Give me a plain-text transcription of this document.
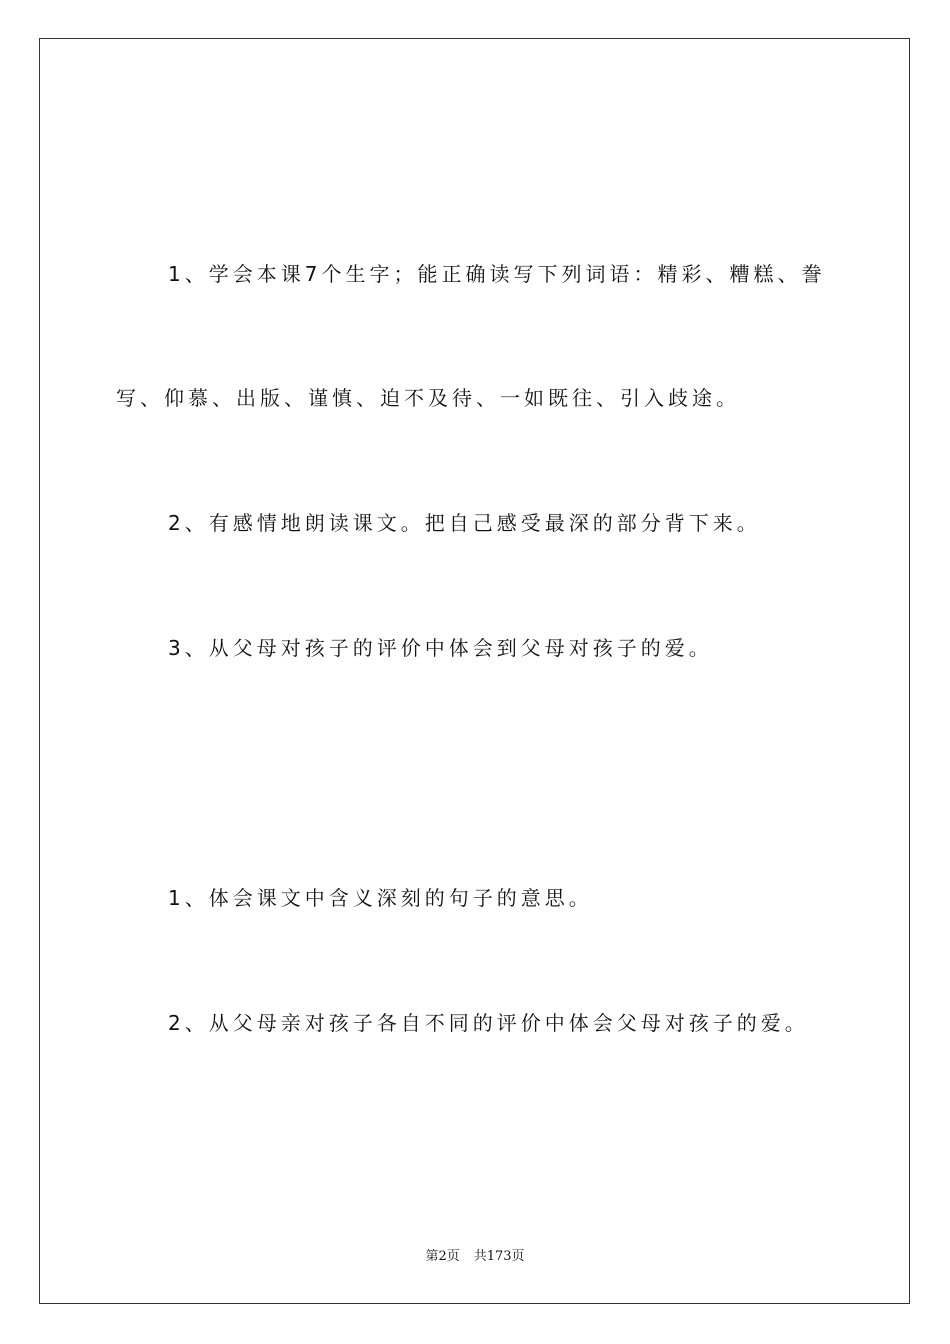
1、学会本课7个生字；能正确读写下列词语：精彩、糟糕、誊
写、仰慕、出版、谨慎、迫不及待、一如既往、引入歧途。
2、有感情地朗读课文。把自己感受最深的部分背下来。
3、从父母对孩子的评价中体会到父母对孩子的爱。
1、体会课文中含义深刻的句子的意思。
2、从父母亲对孩子各自不同的评价中体会父母对孩子的爱。
第2页 共173页
